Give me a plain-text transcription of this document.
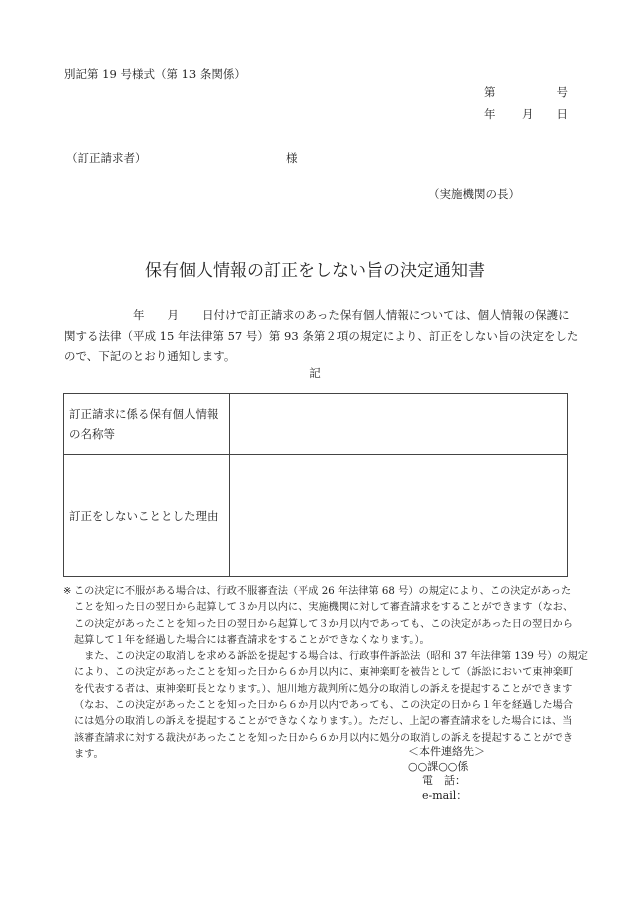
別記第 19 号様式（第 13 条関係）
第	号
年 月 日
（訂正請求者）	様
（実施機関の長）
保有個人情報の訂正をしない旨の決定通知書

　　　　　　年　　月　　日付けで訂正請求のあった保有個人情報については、個人情報の保護に

関する法律（平成 15 年法律第 57 号）第 93 条第２項の規定により、訂正をしない旨の決定をした

ので、下記のとおり通知します。

記
訂正請求に係る保有個人情報
の名称等	

訂正をしないこととした理由	
※ この決定に不服がある場合は、行政不服審査法（平成 26 年法律第 68 号）の規定により、この決定があった
ことを知った日の翌日から起算して３か月以内に、実施機関に対して審査請求をすることができます（なお、
この決定があったことを知った日の翌日から起算して３か月以内であっても、この決定があった日の翌日から
起算して１年を経過した場合には審査請求をすることができなくなります。）。
　また、この決定の取消しを求める訴訟を提起する場合は、行政事件訴訟法（昭和 37 年法律第 139 号）の規定
により、この決定があったことを知った日から６か月以内に、東神楽町を被告として（訴訟において東神楽町
を代表する者は、東神楽町長となります。）、旭川地方裁判所に処分の取消しの訴えを提起することができます
（なお、この決定があったことを知った日から６か月以内であっても、この決定の日から１年を経過した場合
には処分の取消しの訴えを提起することができなくなります。）。ただし、上記の審査請求をした場合には、当
該審査請求に対する裁決があったことを知った日から６か月以内に処分の取消しの訴えを提起することができ
ます。	＜本件連絡先＞
○○課○○係
電　話：
e-mail：
